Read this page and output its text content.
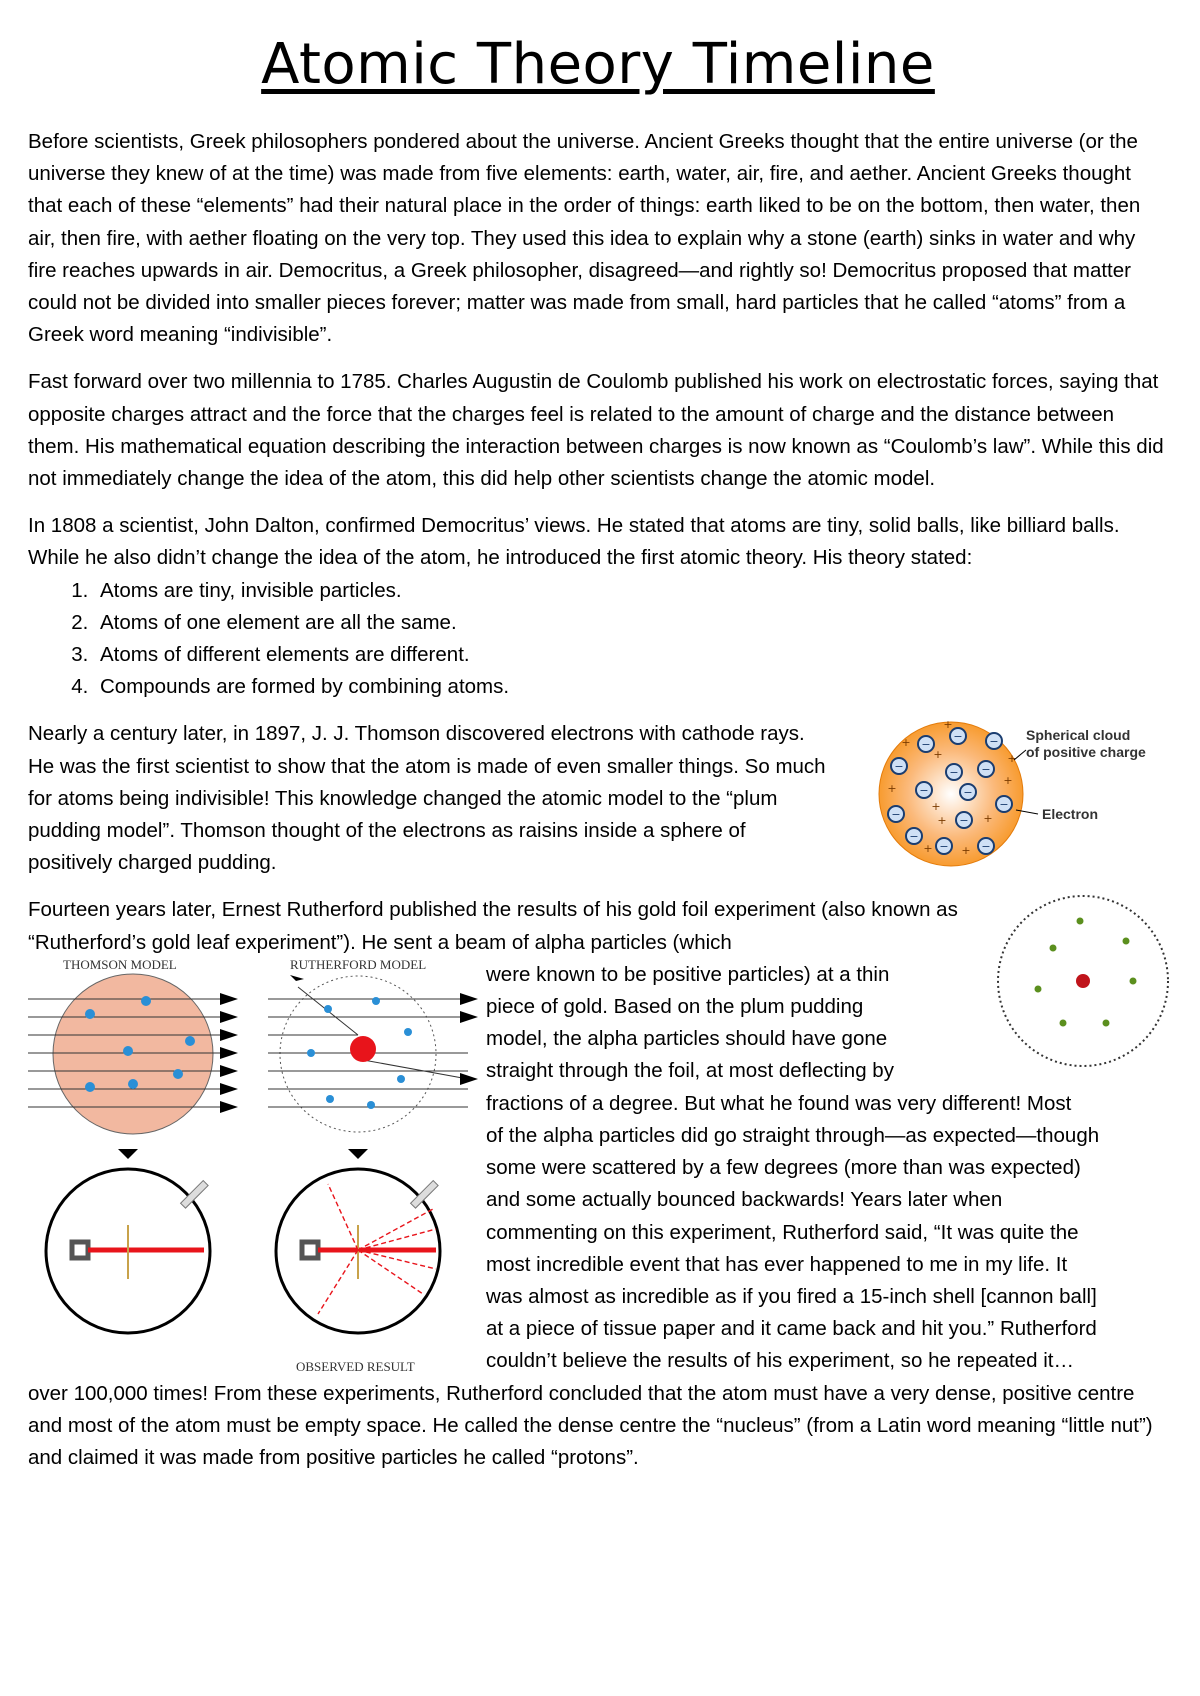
Atomic Theory Timeline

Before scientists, Greek philosophers pondered about the universe. Ancient Greeks thought that the entire universe (or the universe they knew of at the time) was made from five elements: earth, water, air, fire, and aether. Ancient Greeks thought that each of these “elements” had their natural place in the order of things: earth liked to be on the bottom, then water, then air, then fire, with aether floating on the very top. They used this idea to explain why a stone (earth) sinks in water and why fire reaches upwards in air. Democritus, a Greek philosopher, disagreed—and rightly so! Democritus proposed that matter could not be divided into smaller pieces forever; matter was made from small, hard particles that he called “atoms” from a Greek word meaning “indivisible”.

Fast forward over two millennia to 1785. Charles Augustin de Coulomb published his work on electrostatic forces, saying that opposite charges attract and the force that the charges feel is related to the amount of charge and the distance between them. His mathematical equation describing the interaction between charges is now known as “Coulomb’s law”. While this did not immediately change the idea of the atom, this did help other scientists change the atomic model.

In 1808 a scientist, John Dalton, confirmed Democritus’ views. He stated that atoms are tiny, solid balls, like billiard balls. While he also didn’t change the idea of the atom, he introduced the first atomic theory. His theory stated:

1. Atoms are tiny, invisible particles.
2. Atoms of one element are all the same.
3. Atoms of different elements are different.
4. Compounds are formed by combining atoms.

Nearly a century later, in 1897, J. J. Thomson discovered electrons with cathode rays. He was the first scientist to show that the atom is made of even smaller things. So much for atoms being indivisible! This knowledge changed the atomic model to the “plum pudding model”. Thomson thought of the electrons as raisins inside a sphere of positively charged pudding.

−
− −
−	− −
−	−
−
−	−
−
−	−
+
+
+
+
+
+
+
+
+	+
+
Spherical cloud
of positive charge
Electron

Fourteen years later, Ernest Rutherford published the results of his gold foil experiment (also known as “Rutherford’s gold leaf experiment”). He sent a beam of alpha particles (which

THOMSON MODEL	RUTHERFORD MODEL
OBSERVED RESULT

were known to be positive particles) at a thin
piece of gold. Based on the plum pudding
model, the alpha particles should have gone
straight through the foil, at most deflecting by
fractions of a degree. But what he found was very different! Most
of the alpha particles did go straight through—as expected—though
some were scattered by a few degrees (more than was expected)
and some actually bounced backwards! Years later when
commenting on this experiment, Rutherford said, “It was quite the
most incredible event that has ever happened to me in my life. It
was almost as incredible as if you fired a 15-inch shell [cannon ball]
at a piece of tissue paper and it came back and hit you.” Rutherford
couldn’t believe the results of his experiment, so he repeated it…

over 100,000 times! From these experiments, Rutherford concluded that the atom must have a very dense, positive centre and most of the atom must be empty space. He called the dense centre the “nucleus” (from a Latin word meaning “little nut”) and claimed it was made from positive particles he called “protons”.
